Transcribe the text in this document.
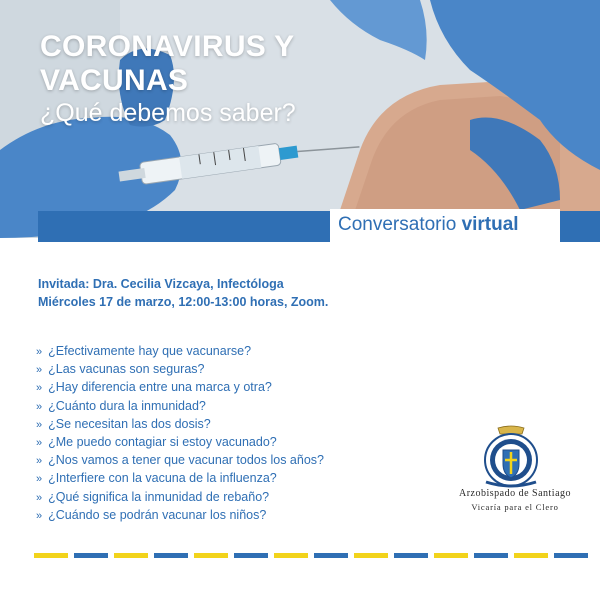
CORONAVIRUS Y
VACUNAS
¿Qué debemos saber?
Conversatorio virtual
Invitada: Dra. Cecilia Vizcaya, Infectóloga
Miércoles 17 de marzo, 12:00-13:00 horas, Zoom.
» ¿Efectivamente hay que vacunarse?
» ¿Las vacunas son seguras?
» ¿Hay diferencia entre una marca y otra?
» ¿Cuánto dura la inmunidad?
» ¿Se necesitan las dos dosis?
» ¿Me puedo contagiar si estoy vacunado?
» ¿Nos vamos a tener que vacunar todos los años?
» ¿Interfiere con la vacuna de la influenza?
» ¿Qué significa la inmunidad de rebaño?
» ¿Cuándo se podrán vacunar los niños?
Arzobispado de Santiago
Vicaría para el Clero
